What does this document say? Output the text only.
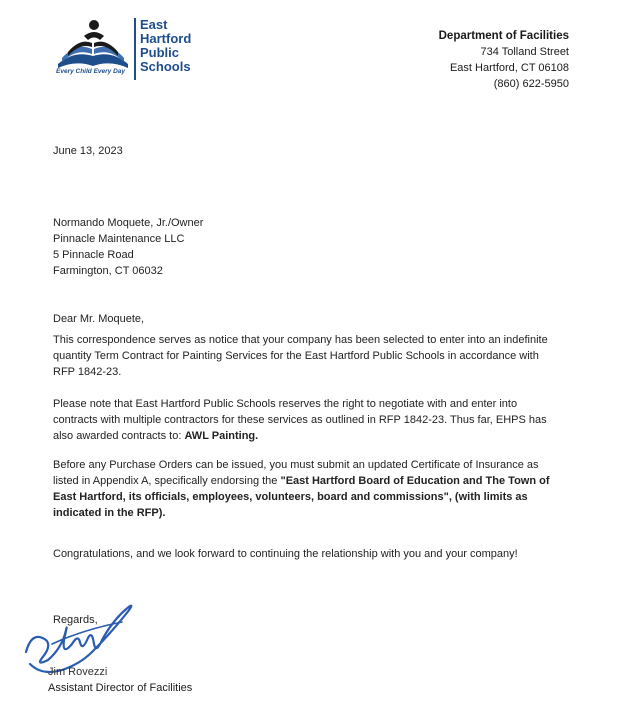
Every Child Every Day
East
Hartford
Public
Schools
Department of Facilities
734 Tolland Street
East Hartford, CT 06108
(860) 622-5950
June 13, 2023
Normando Moquete, Jr./Owner
Pinnacle Maintenance LLC
5 Pinnacle Road
Farmington, CT 06032
Dear Mr. Moquete,
This correspondence serves as notice that your company has been selected to enter into an indefinite quantity Term Contract for Painting Services for the East Hartford Public Schools in accordance with RFP 1842-23.
Please note that East Hartford Public Schools reserves the right to negotiate with and enter into contracts with multiple contractors for these services as outlined in RFP 1842-23. Thus far, EHPS has also awarded contracts to: AWL Painting.
Before any Purchase Orders can be issued, you must submit an updated Certificate of Insurance as listed in Appendix A, specifically endorsing the "East Hartford Board of Education and The Town of East Hartford, its officials, employees, volunteers, board and commissions", (with limits as indicated in the RFP).
Congratulations, and we look forward to continuing the relationship with you and your company!
Regards,
Jim Rovezzi
Assistant Director of Facilities
